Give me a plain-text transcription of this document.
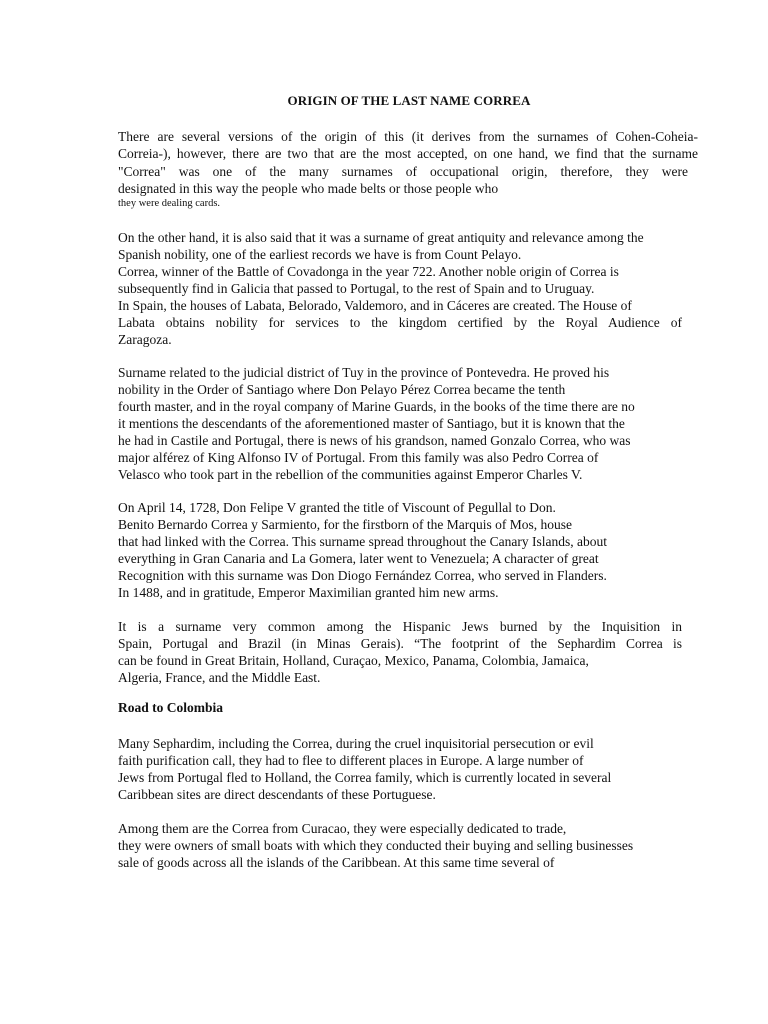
ORIGIN OF THE LAST NAME CORREA
There are several versions of the origin of this (it derives from the surnames of Cohen-Coheia-
Correia-), however, there are two that are the most accepted, on one hand, we find that the surname
"Correa" was one of the many surnames of occupational origin, therefore, they were
designated in this way the people who made belts or those people who
they were dealing cards.
On the other hand, it is also said that it was a surname of great antiquity and relevance among the
Spanish nobility, one of the earliest records we have is from Count Pelayo.
Correa, winner of the Battle of Covadonga in the year 722. Another noble origin of Correa is
subsequently find in Galicia that passed to Portugal, to the rest of Spain and to Uruguay.
In Spain, the houses of Labata, Belorado, Valdemoro, and in Cáceres are created. The House of
Labata obtains nobility for services to the kingdom certified by the Royal Audience of
Zaragoza.
Surname related to the judicial district of Tuy in the province of Pontevedra. He proved his
nobility in the Order of Santiago where Don Pelayo Pérez Correa became the tenth
fourth master, and in the royal company of Marine Guards, in the books of the time there are no
it mentions the descendants of the aforementioned master of Santiago, but it is known that the
he had in Castile and Portugal, there is news of his grandson, named Gonzalo Correa, who was
major alférez of King Alfonso IV of Portugal. From this family was also Pedro Correa of
Velasco who took part in the rebellion of the communities against Emperor Charles V.
On April 14, 1728, Don Felipe V granted the title of Viscount of Pegullal to Don.
Benito Bernardo Correa y Sarmiento, for the firstborn of the Marquis of Mos, house
that had linked with the Correa. This surname spread throughout the Canary Islands, about
everything in Gran Canaria and La Gomera, later went to Venezuela; A character of great
Recognition with this surname was Don Diogo Fernández Correa, who served in Flanders.
In 1488, and in gratitude, Emperor Maximilian granted him new arms.
It is a surname very common among the Hispanic Jews burned by the Inquisition in
Spain, Portugal and Brazil (in Minas Gerais). “The footprint of the Sephardim Correa is
can be found in Great Britain, Holland, Curaçao, Mexico, Panama, Colombia, Jamaica,
Algeria, France, and the Middle East.
Road to Colombia
Many Sephardim, including the Correa, during the cruel inquisitorial persecution or evil
faith purification call, they had to flee to different places in Europe. A large number of
Jews from Portugal fled to Holland, the Correa family, which is currently located in several
Caribbean sites are direct descendants of these Portuguese.
Among them are the Correa from Curacao, they were especially dedicated to trade,
they were owners of small boats with which they conducted their buying and selling businesses
sale of goods across all the islands of the Caribbean. At this same time several of
